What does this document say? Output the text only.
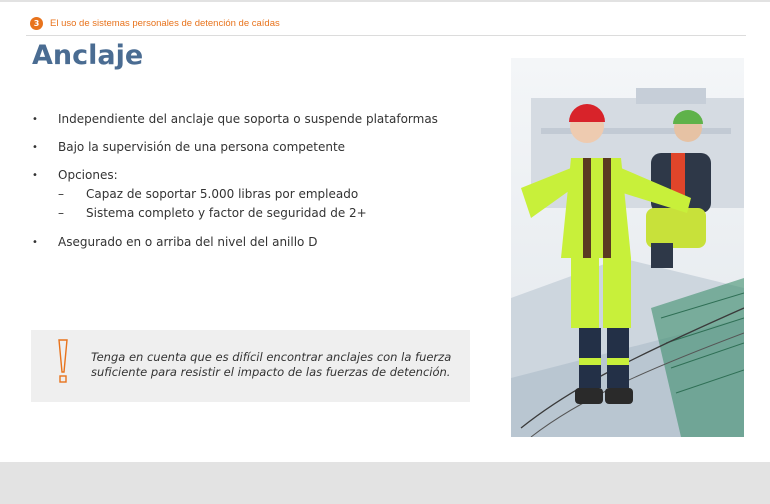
3	El uso de sistemas personales de detención de caídas
Anclaje
• Independiente del anclaje que soporta o suspende plataformas
• Bajo la supervisión de una persona competente
• Opciones:
– Capaz de soportar 5.000 libras por empleado
– Sistema completo y factor de seguridad de 2+
• Asegurado en o arriba del nivel del anillo D
Tenga en cuenta que es difícil encontrar anclajes con la fuerza suficiente para resistir el impacto de las fuerzas de detención.
